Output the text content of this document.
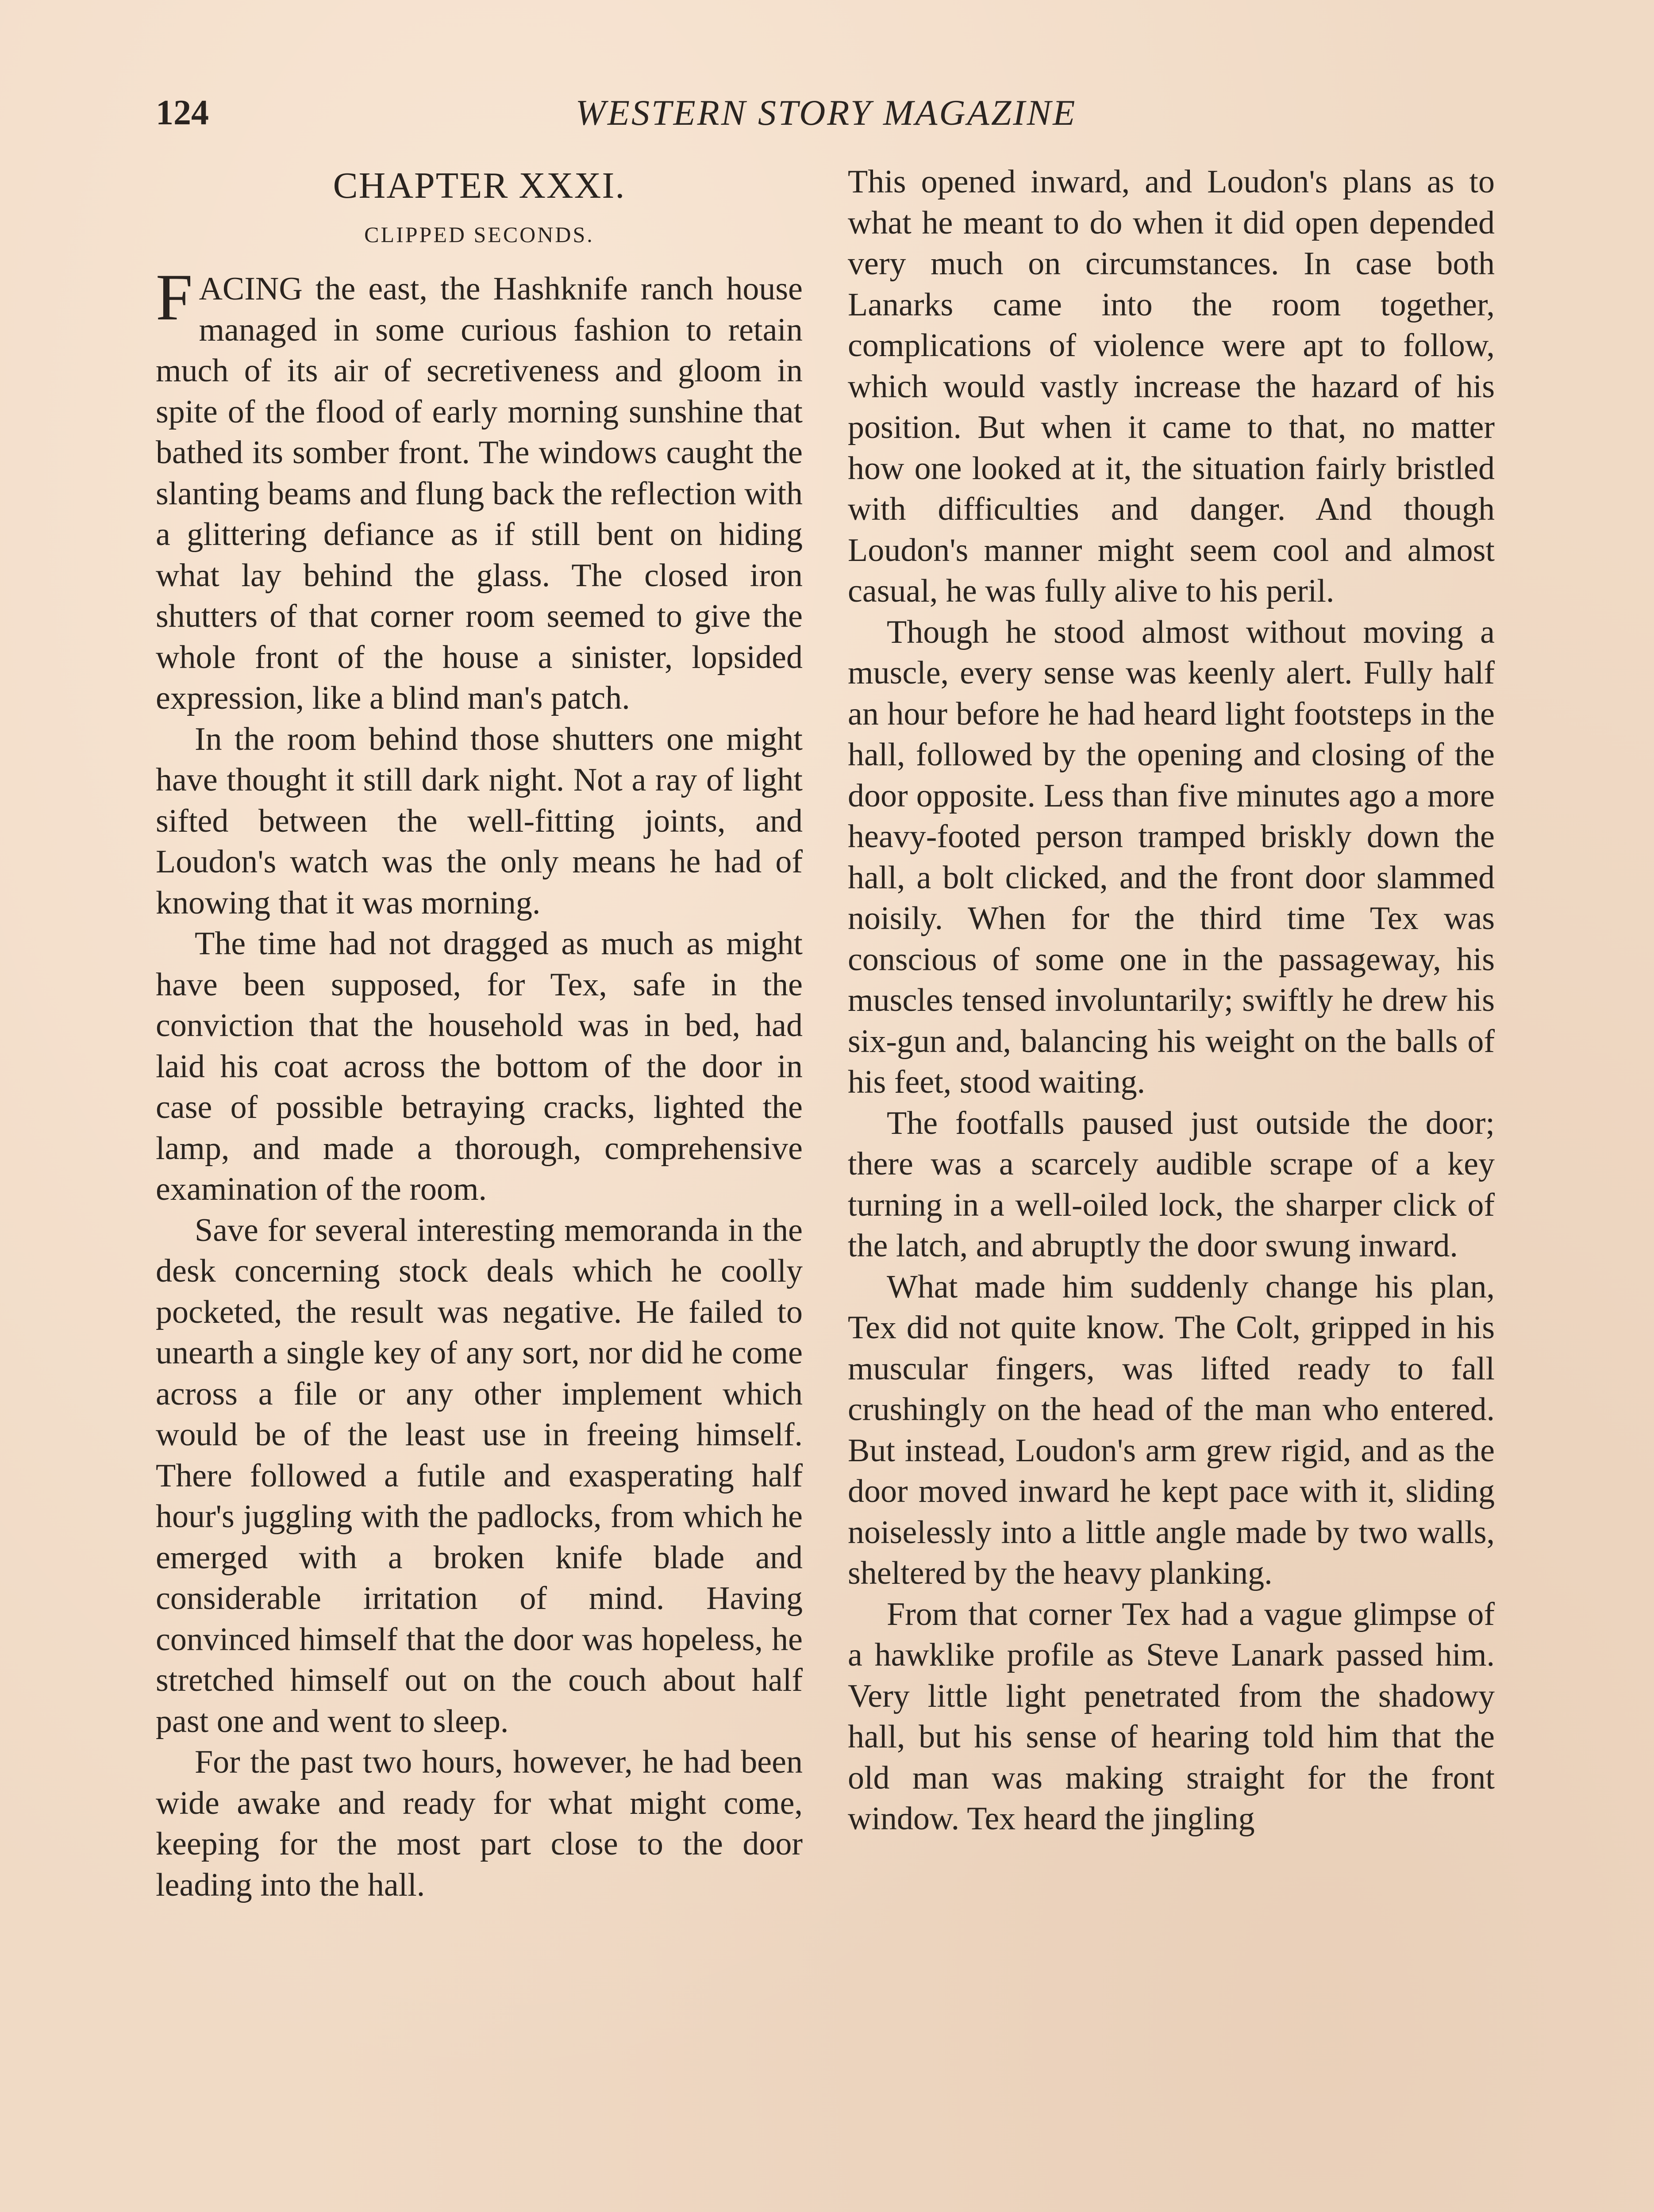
124	WESTERN STORY MAGAZINE
CHAPTER XXXI.
CLIPPED SECONDS.

FACING the east, the Hashknife ranch house managed in some curious fashion to retain much of its air of secretiveness and gloom in spite of the flood of early morning sunshine that bathed its somber front. The windows caught the slanting beams and flung back the reflection with a glittering defiance as if still bent on hiding what lay behind the glass. The closed iron shutters of that corner room seemed to give the whole front of the house a sinister, lopsided expression, like a blind man's patch.

In the room behind those shutters one might have thought it still dark night. Not a ray of light sifted between the well-fitting joints, and Loudon's watch was the only means he had of knowing that it was morning.

The time had not dragged as much as might have been supposed, for Tex, safe in the conviction that the household was in bed, had laid his coat across the bottom of the door in case of possible betraying cracks, lighted the lamp, and made a thorough, comprehensive examination of the room.

Save for several interesting memoranda in the desk concerning stock deals which he coolly pocketed, the result was negative. He failed to unearth a single key of any sort, nor did he come across a file or any other implement which would be of the least use in freeing himself. There followed a futile and exasperating half hour's juggling with the padlocks, from which he emerged with a broken knife blade and considerable irritation of mind. Having convinced himself that the door was hopeless, he stretched himself out on the couch about half past one and went to sleep.

For the past two hours, however, he had been wide awake and ready for what might come, keeping for the most part close to the door leading into the hall.

This opened inward, and Loudon's plans as to what he meant to do when it did open depended very much on circumstances. In case both Lanarks came into the room together, complications of violence were apt to follow, which would vastly increase the hazard of his position. But when it came to that, no matter how one looked at it, the situation fairly bristled with difficulties and danger. And though Loudon's manner might seem cool and almost casual, he was fully alive to his peril.

Though he stood almost without moving a muscle, every sense was keenly alert. Fully half an hour before he had heard light footsteps in the hall, followed by the opening and closing of the door opposite. Less than five minutes ago a more heavy-footed person tramped briskly down the hall, a bolt clicked, and the front door slammed noisily. When for the third time Tex was conscious of some one in the passageway, his muscles tensed involuntarily; swiftly he drew his six-gun and, balancing his weight on the balls of his feet, stood waiting.

The footfalls paused just outside the door; there was a scarcely audible scrape of a key turning in a well-oiled lock, the sharper click of the latch, and abruptly the door swung inward.

What made him suddenly change his plan, Tex did not quite know. The Colt, gripped in his muscular fingers, was lifted ready to fall crushingly on the head of the man who entered. But instead, Loudon's arm grew rigid, and as the door moved inward he kept pace with it, sliding noiselessly into a little angle made by two walls, sheltered by the heavy planking.

From that corner Tex had a vague glimpse of a hawklike profile as Steve Lanark passed him. Very little light penetrated from the shadowy hall, but his sense of hearing told him that the old man was making straight for the front window. Tex heard the jingling
